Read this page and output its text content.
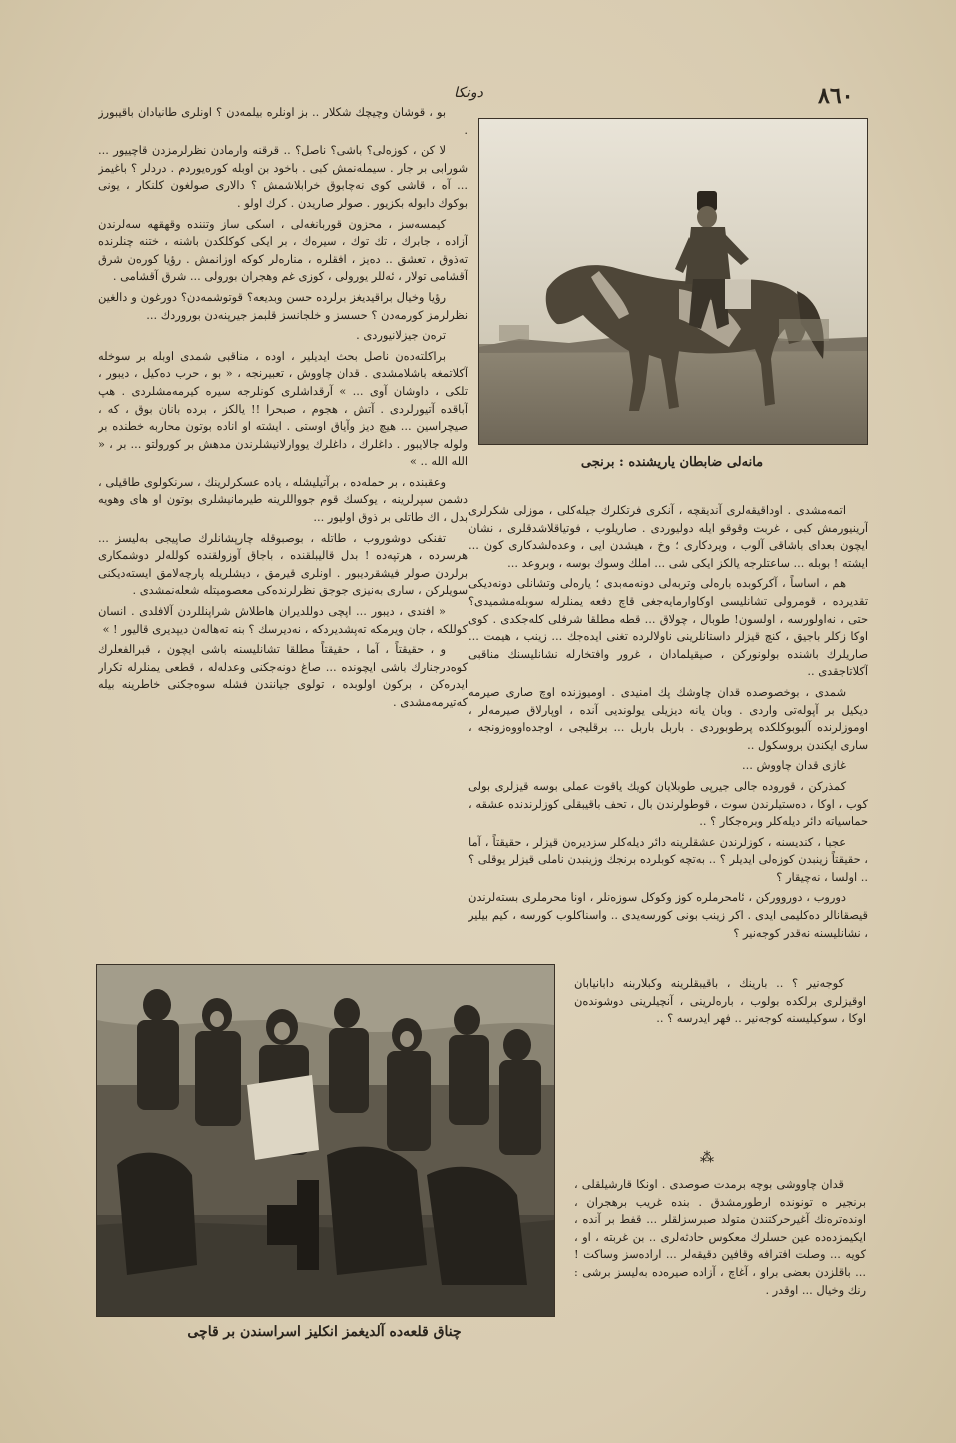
٨٦٠
دونکا
مانەلی ضابطان یاریشندە : برنجی

بو ، قوشان وچیچك شکلار .. بز اونلره بیلمەدن ؟ اونلری طانیادان باقیبورز .

لا کن ، کوزەلی؟ باشی؟ ناصل؟ .. قرقنه وارمادن نظرلرمزدن قاچییور ... شورابی بر جار . سیملەنمش کبی . باخود بن اوبله کورەیوردم . دردلر ؟ باغیمز ... آه ، قاشی کوی نەچابوق خرابلاشمش ؟ دالاری صولغون کلنکار ، یونی بوکوك دابوله بکزیور . صولر صاریدن . کرك اولو .

کیمسەسز ، محزون قوربانغەلی ، اسکی ساز وتنندە وقهقهه سەلرندن آزادە ، جابرك ، تك توك ، سیرەك ، بر ایکی کوکلکدن باشنه ، ختنه چنلرندە تەذوق ، تعشق .. دەیز ، افقلرە ، منارەلر کوکە اوزانمش . رؤیا کورەن شرق آقشامی تولار ، ئەللر یورولی ، کوزی غم وهجران بورولی ... شرق آقشامی .

رؤیا وخیال براقیدیغز برلردە حسن وبدیعە؟ قوتوشمەدن؟ دورغون و دالغین نظرلرمز کورمەدن ؟ حسسز و خلجانسز قلبمز جیرپنەدن بوروردك ...

ترەن جیزلانیوردی .

براکلتەدەن ناصل بحث ایدیلیر ، اودە ، مناقبی شمدی اوبله بر سوخله آکلاتمغه باشلامشدی . قدان چاووش ، تعبیرنجه ، « بو ، حرب دەکیل ، دیبور ، تلکی ، داوشان آوی ... » آرقداشلری کونلرجه سیره کیرمەمشلردی . هپ آباقده آتیورلردی . آتش ، هجوم ، صبحرا !! یالکز ، برده بانان بوق ، کە ، صیچراسین ... هیچ دیز وآیاق اوستی . ایشتە او انادە بوتون محاربه خطنده بر ولوله جالایبور . داغلرك ، داغلرك یووارلانیشلرندن مدهش بر کورولتو ... بر ، « الله الله .. »

وعقبندە ، بر حملەدە ، برآتیلیشله ، یادە عسکرلرینك ، سرنکولوی طاقیلی ، دشمن سپرلرینه ، یوکسك قوم جوواللرینه طیرمانیشلری بوتون او های وهویه بدل ، اك طاتلی بر ذوق اولیور ...

تفنکی دوشوروب ، طاتله ، بوصبوقله چارپشانلرك صاپیجی بەلیسز ... هرسردە ، هرتپەدە ! بدل قالیبلقندە ، باجاق آوزولقندە کوللەلر دوشمکاری برلردن صولر فیشقردیبور . اونلری قیرمق ، دیشلریله پارچەلامق ایستەدیکنی سویلرکن ، ساری بەنیزی جوجق نظرلرندەکی معصومیتله شعلەنمشدی .

« افندی ، دیبور ... اپچی دوللدیران هاطلاش شراپنللردن آلافلدی . انسان کوللکه ، جان ویرمکه تەپشدیردکه ، نەدیرسك ؟ بنه تەهالەن دیپدیری قالیور ! »

و ، حقیقتاً ، آما ، حقیقتاً مطلقا تشانلیسنه باشی ایچون ، قبرالفعلرك کوەدرجنارك باشی ایچوندە ... صاغ دونەجکنی وعدلەلە ، قطعی یمنلرلە تکرار ایدرەکن ، برکون اولوبدە ، تولوی جیانندن فشله سوەجکنی خاطرینه بیله کەتیرمەمشدی .

اتمەمشدی . اوداقیقەلری آندیقچه ، آنکری فرتکلرك جیلەکلی ، موزلی شکرلری آرینیورمش کبی ، غربت وقوقو ایله دولیوردی . صاریلوب ، فوتیاقلاشدقلری ، نشان ایچون بعدای باشاقی آلوب ، ویردکاری ؛ وخ ، هیشدن ایی ، وعدەلشدکاری کون ... ایشتە ! بوبلە ... ساعتلرجه یالکز ایکی شی ... املك وسوك بوسه ، وبروعد ...

هم ، اساساً ، آکرکوبده بارەلی وتربەلی دونەمەبدی ؛ یارەلی وتشانلی دونەدیکی تقدیردە ، قومرولی تشانلیسی اوکاوارمایەجغی قاچ دفعه یمنلرلە سوبلەمشمیدی؟ حتی ، نەاولورسە ، اولسون! طوبال ، چولاق ... قطه مطلقا شرفلی کلەجکدی . کوی اوکا زکلر باجیق ، کنچ قیزلر داستانلرینی ناولالردە تغنی ایدەجك ... زینب ، هیمت ... صاریلرك باشنده بولونورکن ، صیقیلمادان ، غرور وافتخارله نشانلیسنك مناقبی آکلاتاجقدی ..

شمدی ، بوخصوصدە قدان چاوشك پك امنیدی . اومیوزندە اوچ صاری صیرمه دیکیل بر آپولەتی واردی . وبان یانه دیزیلی یولوندیی آنده ، اوپارلاق صیرمەلر ، اوموزلرندە آلبوبوکلکدە پرطوبوردی . باربل باربل ... برقلیجی ، اوجدەاووەزونجه ، ساری ایکندن بروسکول ..

غازی قدان چاووش ...

کمذرکن ، قورودە جالی جیرپی طوبلایان کویك یاقوت عملی بوسه قیزلری بولی کوب ، اوکا ، دەستیلرندن سوت ، قوطولرندن بال ، تحف باقیبقلی کوزلرندندە عشقە ، حماسیاته دائر دیلەکلر وبرەجکار ؟ ..

عجبا ، کندیسنه ، کوزلرندن عشقلرینه دائر دیلەکلر سزدیرەن قیزلر ، حقیقتاً ، آما ، حقیقتاً زینبدن کوزەلی ایدیلر ؟ .. بەتچه کوبلردە برنجك وزینبدن ناملی قیزلر یوقلی ؟ .. اولسا ، نەچیقار ؟

دوروب ، دوروورکن ، ئامحرملره کوز وکوکل سوزەنلر ، اونا محرملری بستەلرندن قیصقانالر دەکلیمی ایدی . اکر زینب بونی کورسەیدی .. واسناکلوب کورسه ، کیم بیلیر ، نشانلیسنه نەقدر کوجەنیر ؟

کوجەنیر ؟ .. بارینك ، باقیبقلرینه وکبلاربنه دابانیابان اوقیزلری برلکدە بولوب ، بارەلرینی ، آنچیلرینی دوشوندەن اوکا ، سوکیلیسنه کوجەنیر .. فهر ایدرسه ؟ ..

⁂

قدان چاووشی بوچه برمدت صوصدی . اونکا قارشیلقلی ، برنجیر ه تونونده ارطورمشدق . بندە غریب برهجران ، اوندەترەنك آغیرحرکتندن متولد صبرسزلقلر ... قفط بر آندە ، ایکیمزدەدە عین حسلرك معکوس حادثەلری .. بن غربته ، او ، کویه ... وصلت افترافه وقافین دقیقەلر ... ارادەسز وساکت ! ... باقلزدن بعضی براو ، آغاچ ، آزادە صیرەدە بەلیسز برشی : رنك وخیال ... اوقدر .

چناق قلعەدە آلدیغمز انکلیز اسراسندن بر قاچی
